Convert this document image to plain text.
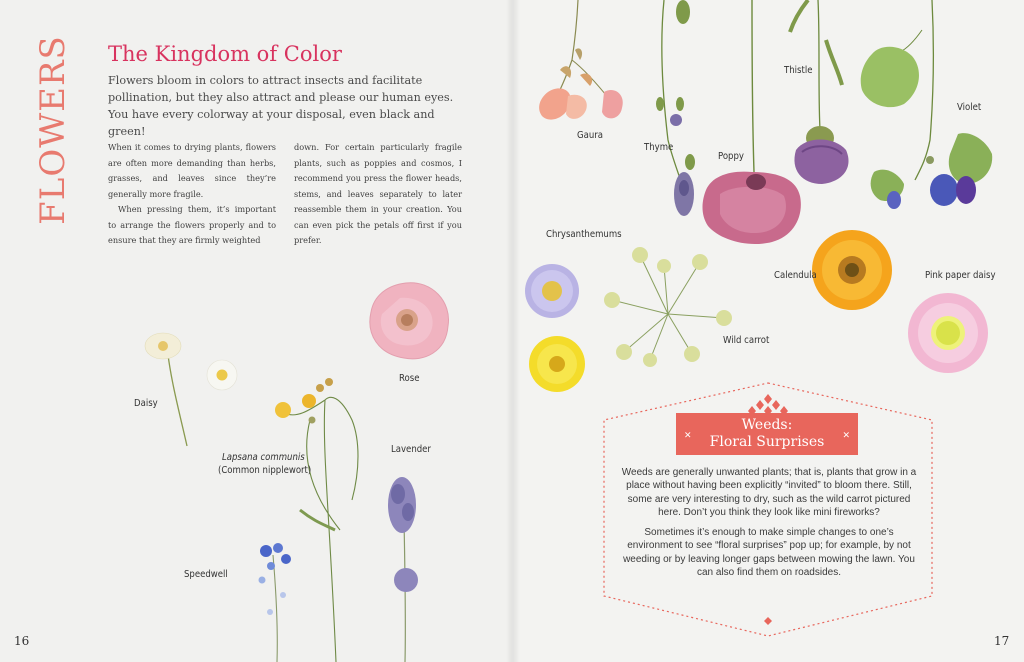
FLOWERS The Kingdom of Color
Flowers bloom in colors to attract insects and facilitate pollination, but they also attract and please our human eyes. You have every colorway at your disposal, even black and green!

When it comes to drying plants, flowers are often more demanding than herbs, grasses, and leaves since they’re generally more fragile.

When pressing them, it’s important to arrange the flowers properly and to ensure that they are firmly weighted

down. For certain particularly fragile plants, such as poppies and cosmos, I recommend you press the flower heads, stems, and leaves separately to later reassemble them in your creation. You can even pick the petals off first if you prefer.

Daisy
Rose
Lapsana communis
(Common nipplewort)
Lavender
Speedwell
16
Gaura
Thyme
Poppy
Thistle
Violet
Chrysanthemums
Calendula	Pink paper daisy
Wild carrot
✕
Weeds:
Floral Surprises	✕

Weeds are generally unwanted plants; that is, plants that grow in a place without having been explicitly “invited” to bloom there. Still, some are very interesting to dry, such as the wild carrot pictured here. Don’t you think they look like mini fireworks?

Sometimes it’s enough to make simple changes to one’s environment to see “floral surprises” pop up; for example, by not weeding or by leaving longer gaps between mowing the lawn. You can also find them on roadsides.

17
